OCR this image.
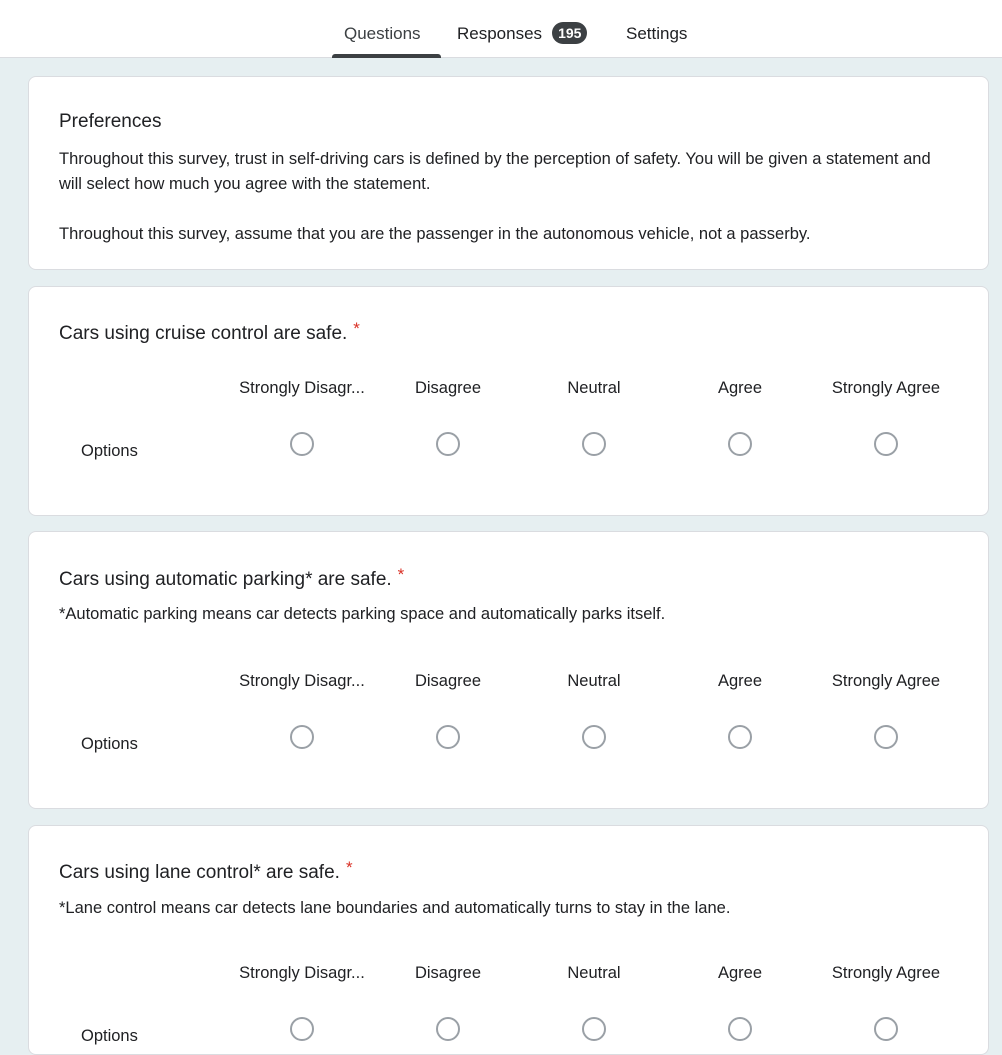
Questions Responses 195	Settings
Preferences
Throughout this survey, trust in self-driving cars is defined by the perception of safety. You will be given a statement and will select how much you agree with the statement.
Throughout this survey, assume that you are the passenger in the autonomous vehicle, not a passerby.
Cars using cruise control are safe. *
Strongly Disagr...	Disagree	Neutral	Agree	Strongly Agree
Options
Cars using automatic parking* are safe. *
*Automatic parking means car detects parking space and automatically parks itself.
Strongly Disagr...	Disagree	Neutral	Agree	Strongly Agree
Options
Cars using lane control* are safe. *
*Lane control means car detects lane boundaries and automatically turns to stay in the lane.
Strongly Disagr...	Disagree	Neutral	Agree	Strongly Agree
Options
